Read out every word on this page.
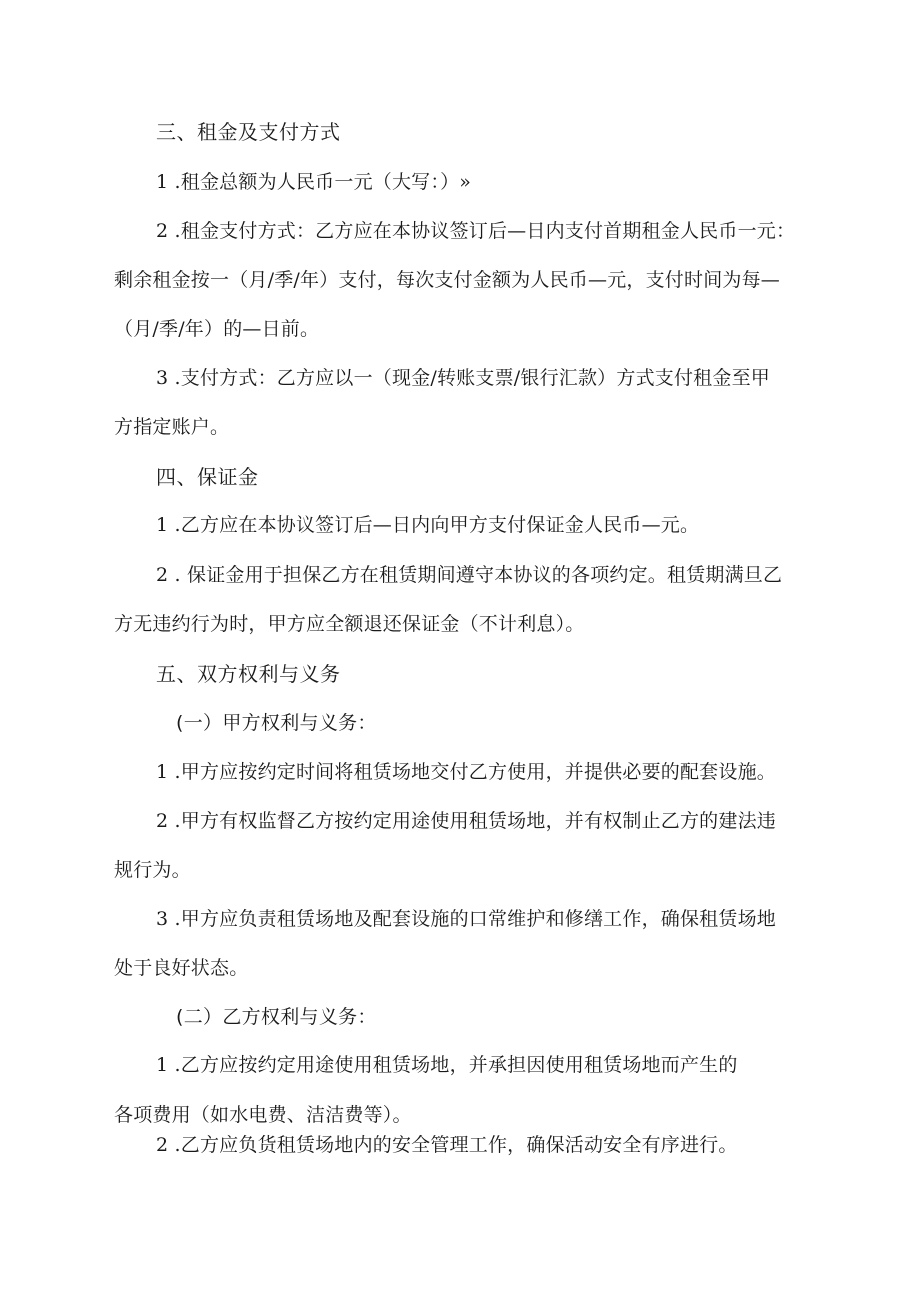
三、租金及支付方式
1 .租金总额为人民币一元（大写：）»
2 .租金支付方式：乙方应在本协议签订后—日内支付首期租金人民币一元：
剩余租金按一（月/季/年）支付，每次支付金额为人民币—元，支付时间为每—
（月/季/年）的—日前。
3 .支付方式：乙方应以一（现金/转账支票/银行汇款）方式支付租金至甲
方指定账户。
四、保证金
1 .乙方应在本协议签订后—日内向甲方支付保证金人民币—元。
2 . 保证金用于担保乙方在租赁期间遵守本协议的各项约定。租赁期满旦乙
方无违约行为时，甲方应全额退还保证金（不计利息）。
五、双方权利与义务
(一）甲方权利与义务：
1 .甲方应按约定时间将租赁场地交付乙方使用，并提供必要的配套设施。
2 .甲方有权监督乙方按约定用途使用租赁场地，并有权制止乙方的建法违
规行为。
3 .甲方应负责租赁场地及配套设施的口常维护和修缮工作，确保租赁场地
处于良好状态。
(二）乙方权利与义务：
1 .乙方应按约定用途使用租赁场地，并承担因使用租赁场地而产生的
各项费用（如水电费、洁洁费等）。
2 .乙方应负货租赁场地内的安全管理工作，确保活动安全有序进行。
